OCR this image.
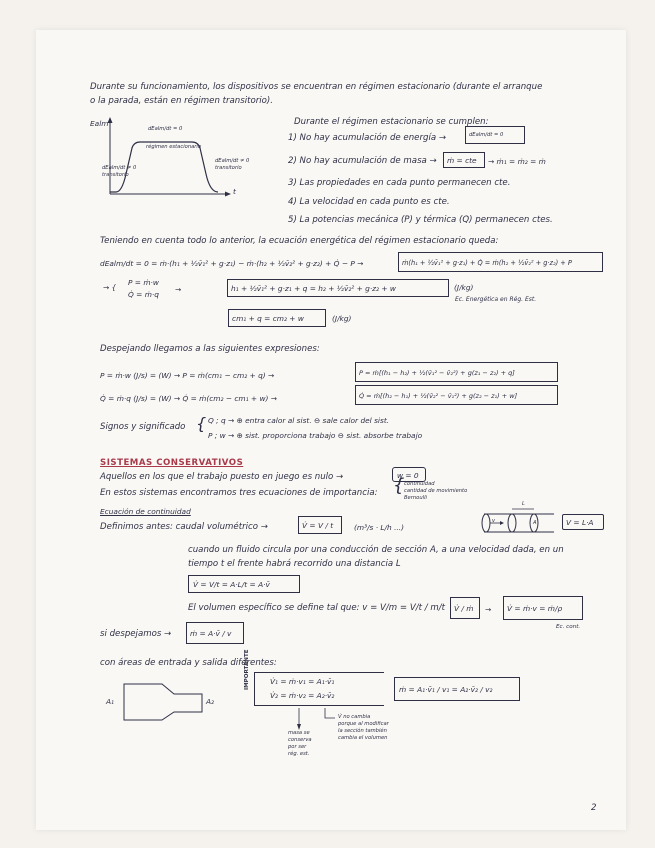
Durante su funcionamiento, los dispositivos se encuentran en régimen estacionario (durante el arranque
o la parada, están en régimen transitorio).
Ealm
t
dEalm/dt = 0
régimen estacionario
dEalm/dt ≠ 0
transitorio
dEalm/dt ≠ 0
transitorio
Durante el régimen estacionario se cumplen:
1) No hay acumulación de energía →	dEalm/dt = 0
2) No hay acumulación de masa →	ṁ = cte	→ ṁ₁ = ṁ₂ = ṁ
3) Las propiedades en cada punto permanecen cte.
4) La velocidad en cada punto es cte.
5) La potencias mecánica (P) y térmica (Q) permanecen ctes.
Teniendo en cuenta todo lo anterior, la ecuación energética del régimen estacionario queda:
dEalm/dt = 0 = ṁ·(h₁ + ½v̄₁² + g·z₁) − ṁ·(h₂ + ½v̄₂² + g·z₂) + Q̇ − P →	ṁ(h₁ + ½v̄₁² + g·z₁) + Q̇ = ṁ(h₂ + ½v̄₂² + g·z₂) + P
→ {
P = ṁ·w
Q̇ = ṁ·q
→	h₁ + ½v̄₁² + g·z₁ + q = h₂ + ½v̄₂² + g·z₂ + w	(J/kg)
Ec. Energética en Rég. Est.
cm₁ + q = cm₂ + w	(J/kg)
Despejando llegamos a las siguientes expresiones:
P = ṁ·w (J/s) = (W) → P = ṁ(cm₁ − cm₂ + q) →	P = ṁ[(h₁ − h₂) + ½(v̄₁² − v̄₂²) + g(z₁ − z₂) + q]
Q̇ = ṁ·q (J/s) = (W) → Q̇ = ṁ(cm₂ − cm₁ + w) →	Q̇ = ṁ[(h₂ − h₁) + ½(v̄₂² − v̄₁²) + g(z₂ − z₁) + w]
Signos y significado { Q ; q → ⊕ entra calor al sist. ⊖ sale calor del sist.
P ; w → ⊕ sist. proporciona trabajo ⊖ sist. absorbe trabajo
SISTEMAS CONSERVATIVOS
Aquellos en los que el trabajo puesto en juego es nulo →	w = 0
En estos sistemas encontramos tres ecuaciones de importancia: { continuidad
cantidad de movimiento
Bernoulli
Ecuación de continuidad
Definimos antes: caudal volumétrico →	V̇ = V / t	(m³/s · L/h ...)
L
A
v	V = L·A
cuando un fluido circula por una conducción de sección A, a una velocidad dada, en un
tiempo t el frente habrá recorrido una distancia L
V̇ = V/t = A·L/t = A·v̄
El volumen específico se define tal que: v = V/m = V/t / m/t	V̇ / ṁ	→	V̇ = ṁ·v = ṁ/ρ
Ec. cont.
si despejamos →	ṁ = A·v̄ / v
con áreas de entrada y salida diferentes:
A₁	A₂
IMPORTANTE	V̇₁ = ṁ·v₁ = A₁·v̄₁
V̇₂ = ṁ·v₂ = A₂·v̄₂
ṁ = A₁·v̄₁ / v₁ = A₂·v̄₂ / v₂
masa se
conserva
por ser
rég. est.
V̇ no cambia
porque al modificar
la sección también
cambia el volumen
2
